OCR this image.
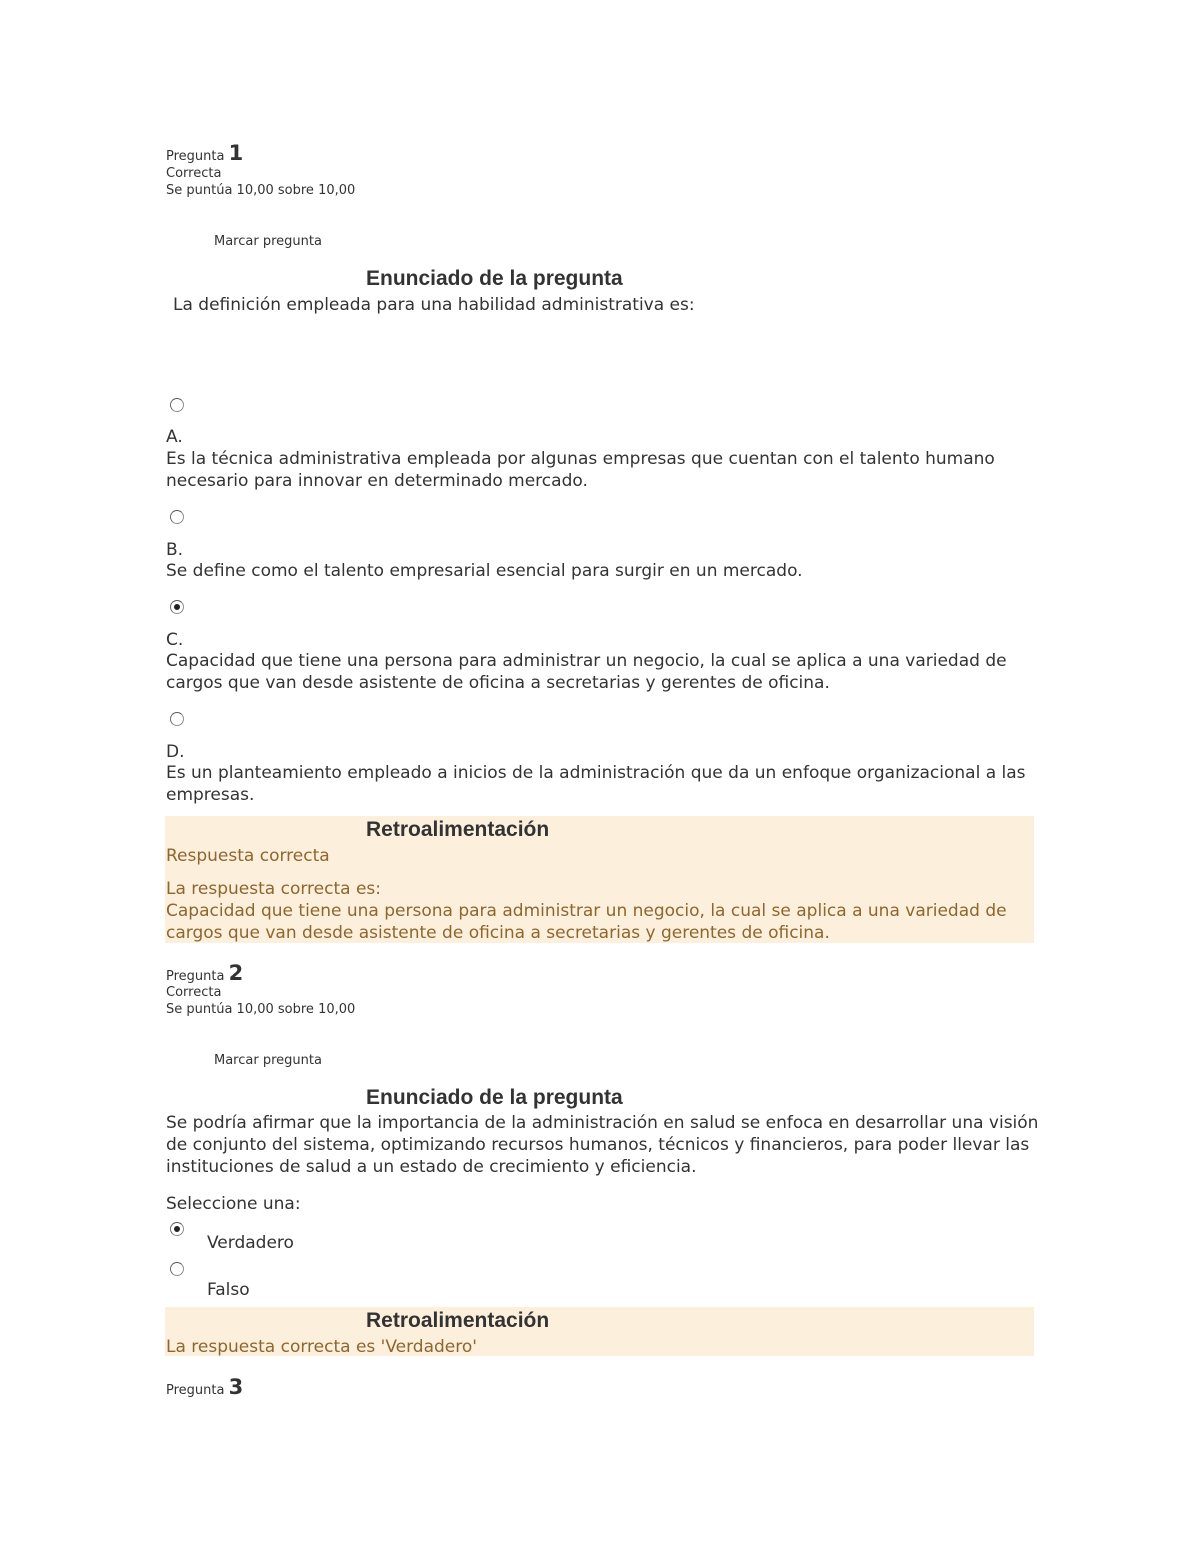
Pregunta 1
Correcta
Se puntúa 10,00 sobre 10,00
Marcar pregunta
Enunciado de la pregunta
La definición empleada para una habilidad administrativa es:
A.
Es la técnica administrativa empleada por algunas empresas que cuentan con el talento humano necesario para innovar en determinado mercado.
B.
Se define como el talento empresarial esencial para surgir en un mercado.
C.
Capacidad que tiene una persona para administrar un negocio, la cual se aplica a una variedad de cargos que van desde asistente de oficina a secretarias y gerentes de oficina.
D.
Es un planteamiento empleado a inicios de la administración que da un enfoque organizacional a las empresas.
Retroalimentación
Respuesta correcta
La respuesta correcta es:
Capacidad que tiene una persona para administrar un negocio, la cual se aplica a una variedad de cargos que van desde asistente de oficina a secretarias y gerentes de oficina.
Pregunta 2
Correcta
Se puntúa 10,00 sobre 10,00
Marcar pregunta
Enunciado de la pregunta
Se podría afirmar que la importancia de la administración en salud se enfoca en desarrollar una visión de conjunto del sistema, optimizando recursos humanos, técnicos y financieros, para poder llevar las instituciones de salud a un estado de crecimiento y eficiencia.
Seleccione una:
Verdadero
Falso
Retroalimentación
La respuesta correcta es 'Verdadero'
Pregunta 3
